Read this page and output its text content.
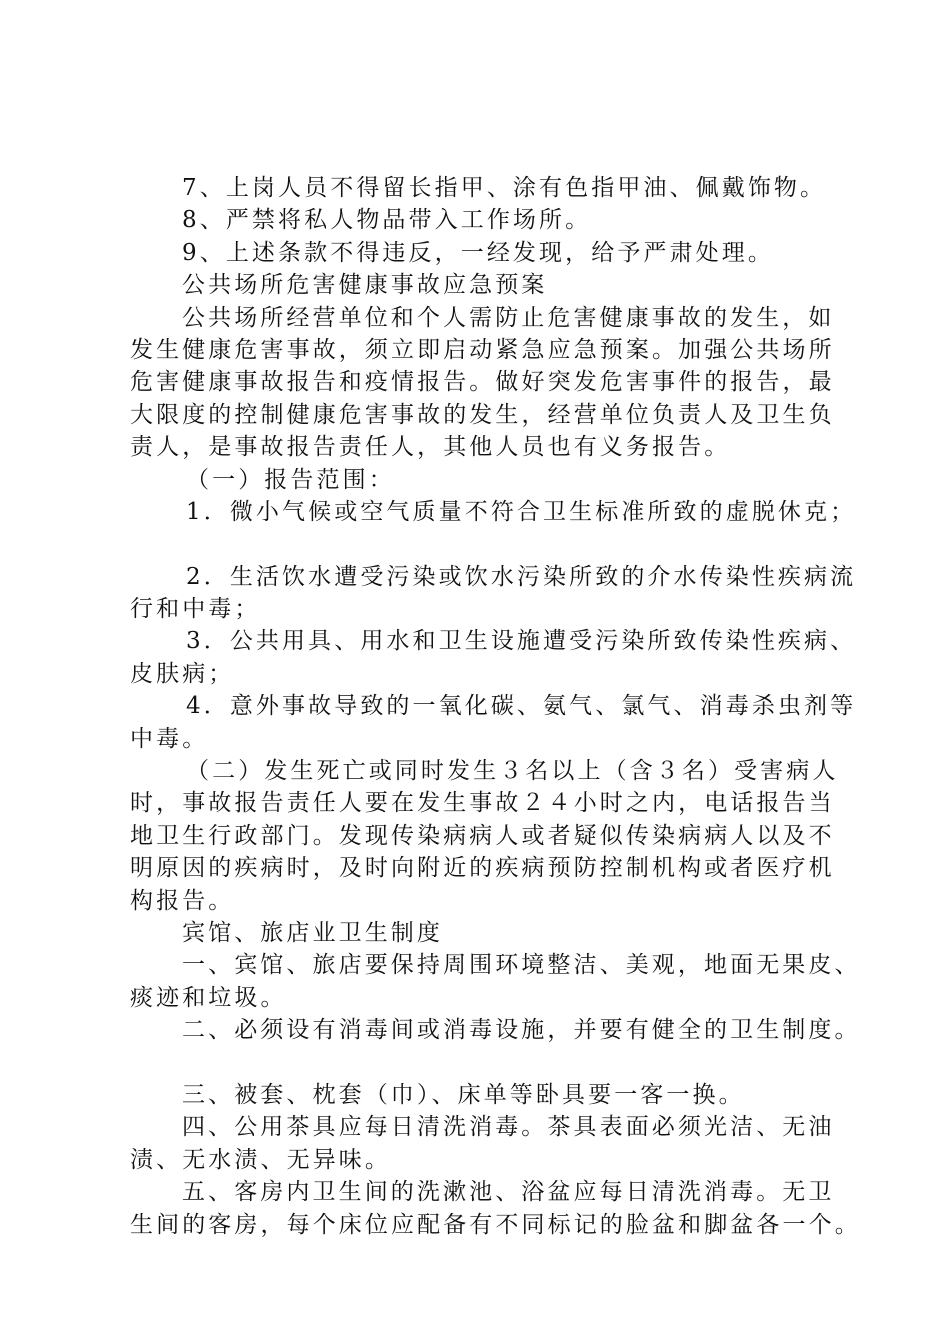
7、上岗人员不得留长指甲、涂有色指甲油、佩戴饰物。
8、严禁将私人物品带入工作场所。
9、上述条款不得违反，一经发现，给予严肃处理。
公共场所危害健康事故应急预案
公共场所经营单位和个人需防止危害健康事故的发生，如
发生健康危害事故，须立即启动紧急应急预案。加强公共场所
危害健康事故报告和疫情报告。做好突发危害事件的报告，最
大限度的控制健康危害事故的发生，经营单位负责人及卫生负
责人，是事故报告责任人，其他人员也有义务报告。
（一）报告范围：
1．微小气候或空气质量不符合卫生标准所致的虚脱休克；
2．生活饮水遭受污染或饮水污染所致的介水传染性疾病流
行和中毒；
3．公共用具、用水和卫生设施遭受污染所致传染性疾病、
皮肤病；
4．意外事故导致的一氧化碳、氨气、氯气、消毒杀虫剂等
中毒。
（二）发生死亡或同时发生３名以上（含３名）受害病人
时，事故报告责任人要在发生事故２４小时之内，电话报告当
地卫生行政部门。发现传染病病人或者疑似传染病病人以及不
明原因的疾病时，及时向附近的疾病预防控制机构或者医疗机
构报告。
宾馆、旅店业卫生制度
一、宾馆、旅店要保持周围环境整洁、美观，地面无果皮、
痰迹和垃圾。
二、必须设有消毒间或消毒设施，并要有健全的卫生制度。
三、被套、枕套（巾）、床单等卧具要一客一换。
四、公用茶具应每日清洗消毒。茶具表面必须光洁、无油
渍、无水渍、无异味。
五、客房内卫生间的洗漱池、浴盆应每日清洗消毒。无卫
生间的客房，每个床位应配备有不同标记的脸盆和脚盆各一个。
